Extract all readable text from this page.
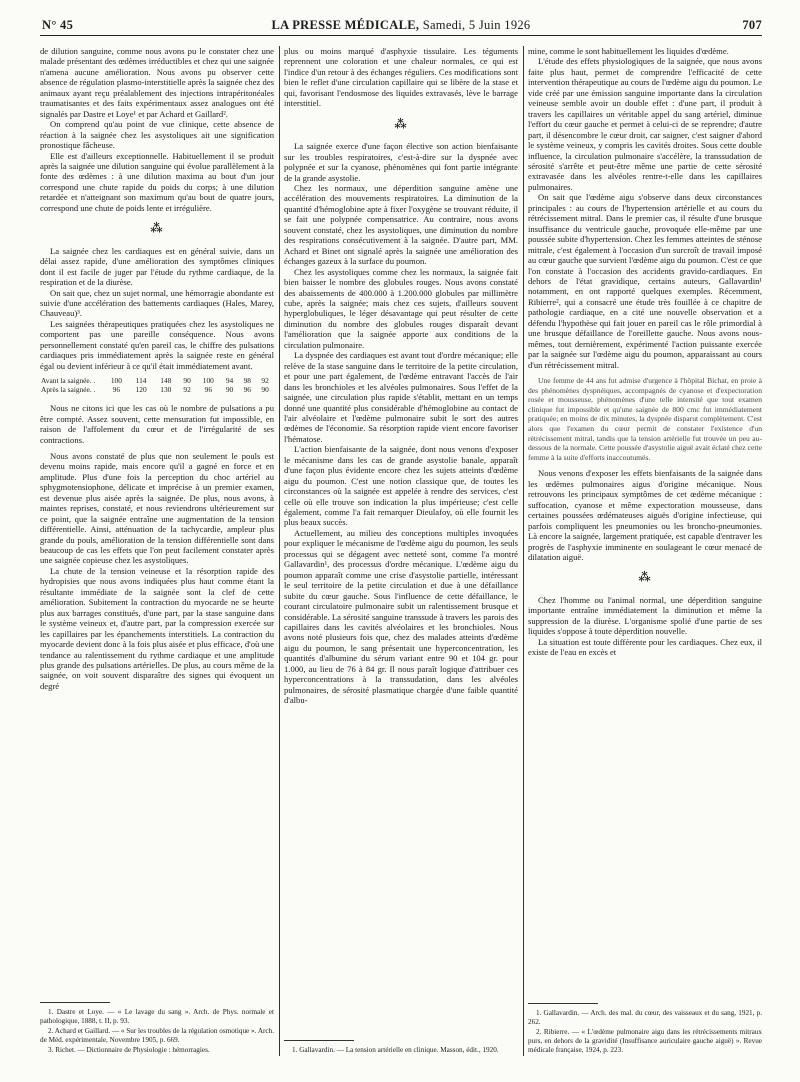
N° 45	LA PRESSE MÉDICALE, Samedi, 5 Juin 1926	707

de dilution sanguine, comme nous avons pu le constater chez une malade présentant des œdèmes irréductibles et chez qui une saignée n'amena aucune amélioration. Nous avons pu observer cette absence de régulation plasmo-interstitielle après la saignée chez des animaux ayant reçu préalablement des injections intrapéritonéales traumatisantes et des faits expérimentaux assez analogues ont été signalés par Dastre et Loye¹ et par Achard et Gaillard².

On comprend qu'au point de vue clinique, cette absence de réaction à la saignée chez les asystoliques ait une signification pronostique fâcheuse.

Elle est d'ailleurs exceptionnelle. Habituellement il se produit après la saignée une dilution sanguine qui évolue parallèlement à la fonte des œdèmes : à une dilution maxima au bout d'un jour correspond une chute rapide du poids du corps; à une dilution retardée et n'atteignant son maximum qu'au bout de quatre jours, correspond une chute de poids lente et irrégulière.

⁂

La saignée chez les cardiaques est en général suivie, dans un délai assez rapide, d'une amélioration des symptômes cliniques dont il est facile de juger par l'étude du rythme cardiaque, de la respiration et de la diurèse.

On sait que, chez un sujet normal, une hémorragie abondante est suivie d'une accélération des battements cardiaques (Hales, Marey, Chauveau)³.

Les saignées thérapeutiques pratiquées chez les asystoliques ne comportent pas une pareille conséquence. Nous avons personnellement constaté qu'en pareil cas, le chiffre des pulsations cardiaques pris immédiatement après la saignée reste en général égal ou devient inférieur à ce qu'il était immédiatement avant.

Avant la saignée. .	100	114	148	90	100	94	98	92
Après la saignée. .	96	120	130	92	96	90	96	90

Nous ne citons ici que les cas où le nombre de pulsations a pu être compté. Assez souvent, cette mensuration fut impossible, en raison de l'affolement du cœur et de l'irrégularité de ses contractions.

Nous avons constaté de plus que non seulement le pouls est devenu moins rapide, mais encore qu'il a gagné en force et en amplitude. Plus d'une fois la perception du choc artériel au sphygmotensiophone, délicate et imprécise à un premier examen, est devenue plus aisée après la saignée. De plus, nous avons, à maintes reprises, constaté, et nous reviendrons ultérieurement sur ce point, que la saignée entraîne une augmentation de la tension différentielle. Ainsi, atténuation de la tachycardie, ampleur plus grande du pouls, amélioration de la tension différentielle sont dans beaucoup de cas les effets que l'on peut facilement constater après une saignée copieuse chez les asystoliques.

La chute de la tension veineuse et la résorption rapide des hydropisies que nous avons indiquées plus haut comme étant la résultante immédiate de la saignée sont la clef de cette amélioration. Subitement la contraction du myocarde ne se heurte plus aux barrages constitués, d'une part, par la stase sanguine dans le système veineux et, d'autre part, par la compression exercée sur les capillaires par les épanchements interstitiels. La contraction du myocarde devient donc à la fois plus aisée et plus efficace, d'où une tendance au ralentissement du rythme cardiaque et une amplitude plus grande des pulsations artérielles. De plus, au cours même de la saignée, on voit souvent disparaître des signes qui évoquent un degré

1. Dastre et Loye. — « Le lavage du sang ». Arch. de Phys. normale et pathologique, 1888, t. II, p. 93.

2. Achard et Gaillard. — « Sur les troubles de la régulation osmotique ». Arch. de Méd. expérimentale, Novembre 1905, p. 669.

3. Richet. — Dictionnaire de Physiologie : hémorragies.

plus ou moins marqué d'asphyxie tissulaire. Les téguments reprennent une coloration et une chaleur normales, ce qui est l'indice d'un retour à des échanges réguliers. Ces modifications sont bien le reflet d'une circulation capillaire qui se libère de la stase et qui, favorisant l'endosmose des liquides extravasés, lève le barrage interstitiel.

⁂

La saignée exerce d'une façon élective son action bienfaisante sur les troubles respiratoires, c'est-à-dire sur la dyspnée avec polypnée et sur la cyanose, phénomènes qui font partie intégrante de la grande asystolie.

Chez les normaux, une déperdition sanguine amène une accélération des mouvements respiratoires. La diminution de la quantité d'hémoglobine apte à fixer l'oxygène se trouvant réduite, il se fait une polypnée compensatrice. Au contraire, nous avons souvent constaté, chez les asystoliques, une diminution du nombre des respirations consécutivement à la saignée. D'autre part, MM. Achard et Binet ont signalé après la saignée une amélioration des échanges gazeux à la surface du poumon.

Chez les asystoliques comme chez les normaux, la saignée fait bien baisser le nombre des globules rouges. Nous avons constaté des abaissements de 400.000 à 1.200.000 globules par millimètre cube, après la saignée; mais chez ces sujets, d'ailleurs souvent hyperglobuliques, le léger désavantage qui peut résulter de cette diminution du nombre des globules rouges disparaît devant l'amélioration que la saignée apporte aux conditions de la circulation pulmonaire.

La dyspnée des cardiaques est avant tout d'ordre mécanique; elle relève de la stase sanguine dans le territoire de la petite circulation, et pour une part également, de l'œdème entravant l'accès de l'air dans les bronchioles et les alvéoles pulmonaires. Sous l'effet de la saignée, une circulation plus rapide s'établit, mettant en un temps donné une quantité plus considérable d'hémoglobine au contact de l'air alvéolaire et l'œdème pulmonaire subit le sort des autres œdèmes de l'économie. Sa résorption rapide vient encore favoriser l'hématose.

L'action bienfaisante de la saignée, dont nous venons d'exposer le mécanisme dans les cas de grande asystolie banale, apparaît d'une façon plus évidente encore chez les sujets atteints d'œdème aigu du poumon. C'est une notion classique que, de toutes les circonstances où la saignée est appelée à rendre des services, c'est celle où elle trouve son indication la plus impérieuse; c'est celle également, comme l'a fait remarquer Dieulafoy, où elle fournit les plus beaux succès.

Actuellement, au milieu des conceptions multiples invoquées pour expliquer le mécanisme de l'œdème aigu du poumon, les seuls processus qui se dégagent avec netteté sont, comme l'a montré Gallavardin¹, des processus d'ordre mécanique. L'œdème aigu du poumon apparaît comme une crise d'asystolie partielle, intéressant le seul territoire de la petite circulation et due à une défaillance subite du cœur gauche. Sous l'influence de cette défaillance, le courant circulatoire pulmonaire subit un ralentissement brusque et considérable. La sérosité sanguine transsude à travers les parois des capillaires dans les cavités alvéolaires et les bronchioles. Nous avons noté plusieurs fois que, chez des malades atteints d'œdème aigu du poumon, le sang présentait une hyperconcentration, les quantités d'albumine du sérum variant entre 90 et 104 gr. pour 1.000, au lieu de 76 à 84 gr. Il nous paraît logique d'attribuer ces hyperconcentrations à la transsudation, dans les alvéoles pulmonaires, de sérosité plasmatique chargée d'une faible quantité d'albu-

1. Gallavardin. — La tension artérielle en clinique. Masson, édit., 1920.

mine, comme le sont habituellement les liquides d'œdème.

L'étude des effets physiologiques de la saignée, que nous avons faite plus haut, permet de comprendre l'efficacité de cette intervention thérapeutique au cours de l'œdème aigu du poumon. Le vide créé par une émission sanguine importante dans la circulation veineuse semble avoir un double effet : d'une part, il produit à travers les capillaires un véritable appel du sang artériel, diminue l'effort du cœur gauche et permet à celui-ci de se reprendre; d'autre part, il désencombre le cœur droit, car saigner, c'est saigner d'abord le système veineux, y compris les cavités droites. Sous cette double influence, la circulation pulmonaire s'accélère, la transsudation de sérosité s'arrête et peut-être même une partie de cette sérosité extravasée dans les alvéoles rentre-t-elle dans les capillaires pulmonaires.

On sait que l'œdème aigu s'observe dans deux circonstances principales : au cours de l'hypertension artérielle et au cours du rétrécissement mitral. Dans le premier cas, il résulte d'une brusque insuffisance du ventricule gauche, provoquée elle-même par une poussée subite d'hypertension. Chez les femmes atteintes de sténose mitrale, c'est également à l'occasion d'un surcroît de travail imposé au cœur gauche que survient l'œdème aigu du poumon. C'est ce que l'on constate à l'occasion des accidents gravido-cardiaques. En dehors de l'état gravidique, certains auteurs, Gallavardin¹ notamment, en ont rapporté quelques exemples. Récemment, Ribierre², qui a consacré une étude très fouillée à ce chapitre de pathologie cardiaque, en a cité une nouvelle observation et a défendu l'hypothèse qui fait jouer en pareil cas le rôle primordial à une brusque défaillance de l'oreillette gauche. Nous avons nous-mêmes, tout dernièrement, expérimenté l'action puissante exercée par la saignée sur l'œdème aigu du poumon, apparaissant au cours d'un rétrécissement mitral.

Une femme de 44 ans fut admise d'urgence à l'hôpital Bichat, en proie à des phénomènes dyspnéiques, accompagnés de cyanose et d'expectoration rosée et mousseuse, phénomènes d'une telle intensité que tout examen clinique fut impossible et qu'une saignée de 800 cmc fut immédiatement pratiquée; en moins de dix minutes, la dyspnée disparut complètement. C'est alors que l'examen du cœur permit de constater l'existence d'un rétrécissement mitral, tandis que la tension artérielle fut trouvée un peu au-dessous de la normale. Cette poussée d'asystolie aiguë avait éclaté chez cette femme à la suite d'efforts inaccoutumés.

Nous venons d'exposer les effets bienfaisants de la saignée dans les œdèmes pulmonaires aigus d'origine mécanique. Nous retrouvons les principaux symptômes de cet œdème mécanique : suffocation, cyanose et même expectoration mousseuse, dans certaines poussées œdémateuses aiguës d'origine infectieuse, qui parfois compliquent les pneumonies ou les broncho-pneumonies. Là encore la saignée, largement pratiquée, est capable d'entraver les progrès de l'asphyxie imminente en soulageant le cœur menacé de dilatation aiguë.

⁂

Chez l'homme ou l'animal normal, une déperdition sanguine importante entraîne immédiatement la diminution et même la suppression de la diurèse. L'organisme spolié d'une partie de ses liquides s'oppose à toute déperdition nouvelle.

La situation est toute différente pour les cardiaques. Chez eux, il existe de l'eau en excès et

1. Gallavardin. — Arch. des mal. du cœur, des vaisseaux et du sang, 1921, p. 262.

2. Ribierre. — « L'œdème pulmonaire aigu dans les rétrécissements mitraux purs, en dehors de la gravidité (Insuffisance auriculaire gauche aiguë) ». Revue médicale française, 1924, p. 223.
